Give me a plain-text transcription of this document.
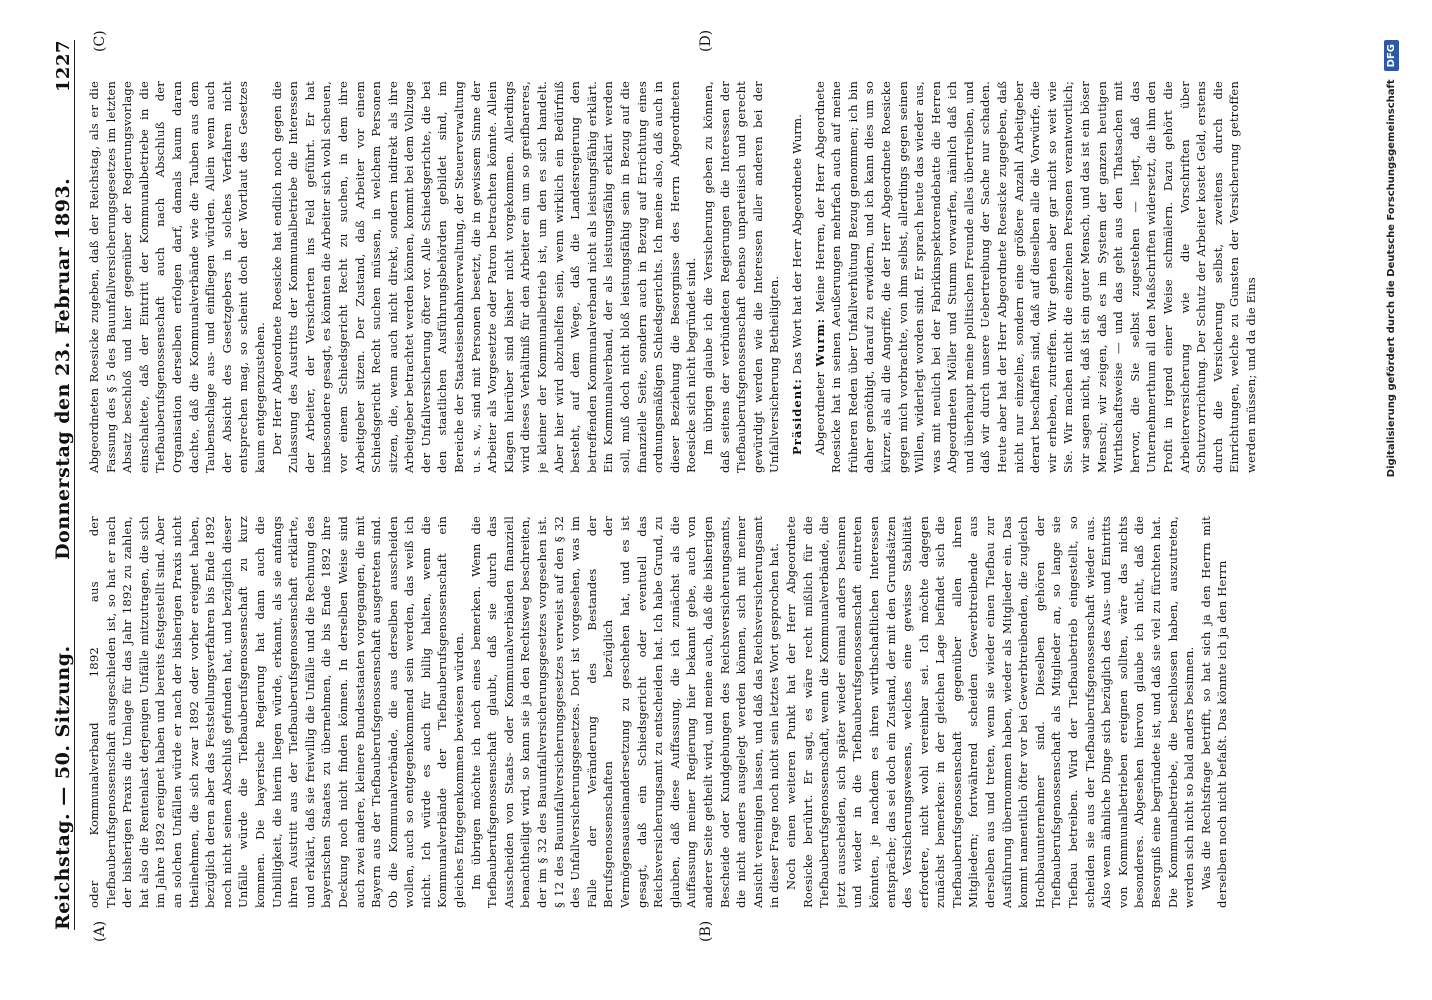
Reichstag. — 50. Sitzung.
Donnerstag den 23. Februar 1893.
1227
(A)	(B)
(C)	(D)

oder Kommunalverband 1892 aus der Tiefbauberufsgenossenschaft ausgeschieden ist, so hat er nach der bisherigen Praxis die Umlage für das Jahr 1892 zu zahlen, hat also die Rentenlast derjenigen Unfälle mitzutragen, die sich im Jahre 1892 ereignet haben und bereits festgestellt sind. Aber an solchen Unfällen würde er nach der bisherigen Praxis nicht theilnehmen, die sich zwar 1892 oder vorher ereignet haben, bezüglich deren aber das Feststellungsverfahren bis Ende 1892 noch nicht seinen Abschluß gefunden hat, und bezüglich dieser Unfälle würde die Tiefbauberufsgenossenschaft zu kurz kommen. Die bayerische Regierung hat dann auch die Unbilligkeit, die hierin liegen würde, erkannt, als sie anfangs ihren Austritt aus der Tiefbauberufsgenossenschaft erklärte, und erklärt, daß sie freiwillig die Unfälle und die Rechnung des bayerischen Staates zu übernehmen, die bis Ende 1892 ihre Deckung noch nicht finden können. In derselben Weise sind auch zwei andere, kleinere Bundesstaaten vorgegangen, die mit Bayern aus der Tiefbauberufsgenossenschaft ausgetreten sind. Ob die Kommunalverbände, die aus derselben ausscheiden wollen, auch so entgegenkommend sein werden, das weiß ich nicht. Ich würde es auch für billig halten, wenn die Kommunalverbände der Tiefbauberufsgenossenschaft ein gleiches Entgegenkommen bewiesen würden. Im übrigen möchte ich noch eines bemerken. Wenn die Tiefbauberufsgenossenschaft glaubt, daß sie durch das Ausscheiden von Staats- oder Kommunalverbänden finanziell benachtheiligt wird, so kann sie ja den Rechtsweg beschreiten, der im § 32 des Bauunfallversicherungsgesetzes vorgesehen ist. § 12 des Bauunfallversicherungsgesetzes verweist auf den § 32 des Unfallversicherungsgesetzes. Dort ist vorgesehen, was im Falle der Veränderung des Bestandes der Berufsgenossenschaften bezüglich der Vermögensauseinandersetzung zu geschehen hat, und es ist gesagt, daß ein Schiedsgericht oder eventuell das Reichsversicherungsamt zu entscheiden hat. Ich habe Grund, zu glauben, daß diese Auffassung, die ich zunächst als die Auffassung meiner Regierung hier bekannt gebe, auch von anderer Seite getheilt wird, und meine auch, daß die bisherigen Bescheide oder Kundgebungen des Reichsversicherungsamts, die nicht anders ausgelegt werden können, sich mit meiner Ansicht vereinigen lassen, und daß das Reichsversicherungsamt in dieser Frage noch nicht sein letztes Wort gesprochen hat. Noch einen weiteren Punkt hat der Herr Abgeordnete Roesicke berührt. Er sagt, es wäre recht mißlich für die Tiefbauberufsgenossenschaft, wenn die Kommunalverbände, die jetzt ausscheiden, sich später wieder einmal anders besinnen und wieder in die Tiefbauberufsgenossenschaft eintreten könnten, je nachdem es ihren wirthschaftlichen Interessen entspräche; das sei doch ein Zustand, der mit den Grundsätzen des Versicherungswesens, welches eine gewisse Stabilität erfordere, nicht wohl vereinbar sei. Ich möchte dagegen zunächst bemerken: in der gleichen Lage befindet sich die Tiefbauberufsgenossenschaft gegenüber allen ihren Mitgliedern; fortwährend scheiden Gewerbtreibende aus derselben aus und treten, wenn sie wieder einen Tiefbau zur Ausführung übernommen haben, wieder als Mitglieder ein. Das kommt namentlich öfter vor bei Gewerbtreibenden, die zugleich Hochbauunternehmer sind. Dieselben gehören der Tiefbauberufsgenossenschaft als Mitglieder an, so lange sie Tiefbau betreiben. Wird der Tiefbaubetrieb eingestellt, so scheiden sie aus der Tiefbauberufsgenossenschaft wieder aus. Also wenn ähnliche Dinge sich bezüglich des Aus- und Eintritts von Kommunalbetrieben ereignen sollten, wäre das nichts besonderes. Abgesehen hiervon glaube ich nicht, daß die Besorgniß eine begründete ist, und daß sie viel zu fürchten hat. Die Kommunalbetriebe, die beschlossen haben, auszutreten, werden sich nicht so bald anders besinnen. Was die Rechtsfrage betrifft, so hat sich ja den Herrn mit derselben noch nicht befaßt. Das könnte ich ja den Herrn

Abgeordneten Roesicke zugeben, daß der Reichstag, als er die Fassung des § 5 des Bauunfallversicherungsgesetzes im letzten Absatz beschloß und hier gegenüber der Regierungsvorlage einschaltete, daß der Eintritt der Kommunalbetriebe in die Tiefbauberufsgenossenschaft auch nach Abschluß der Organisation derselben erfolgen darf, damals kaum daran dachte, daß die Kommunalverbände wie die Tauben aus dem Taubenschlage aus- und einfliegen würden. Allein wenn auch der Absicht des Gesetzgebers in solches Verfahren nicht entsprechen mag, so scheint doch der Wortlaut des Gesetzes kaum entgegenzustehen. Der Herr Abgeordnete Roesicke hat endlich noch gegen die Zulassung des Austritts der Kommunalbetriebe die Interessen der Arbeiter, der Versicherten ins Feld geführt. Er hat insbesondere gesagt, es könnten die Arbeiter sich wohl scheuen, vor einem Schiedsgericht Recht zu suchen, in dem ihre Arbeitgeber sitzen. Der Zustand, daß Arbeiter vor einem Schiedsgericht Recht suchen müssen, in welchem Personen sitzen, die, wenn auch nicht direkt, sondern indirekt als ihre Arbeitgeber betrachtet werden können, kommt bei dem Vollzuge der Unfallversicherung öfter vor. Alle Schiedsgerichte, die bei den staatlichen Ausführungsbehörden gebildet sind, im Bereiche der Staatseisenbahnverwaltung, der Steuerverwaltung u. s. w., sind mit Personen besetzt, die in gewissem Sinne der Arbeiter als Vorgesetzte oder Patron betrachten könnte. Allein Klagen hierüber sind bisher nicht vorgekommen. Allerdings wird dieses Verhältniß für den Arbeiter ein um so greifbareres, je kleiner der Kommunalbetrieb ist, um den es sich handelt. Aber hier wird abzuhelfen sein, wenn wirklich ein Bedürfniß besteht, auf dem Wege, daß die Landesregierung den betreffenden Kommunalverband nicht als leistungsfähig erklärt. Ein Kommunalverband, der als leistungsfähig erklärt werden soll, muß doch nicht bloß leistungsfähig sein in Bezug auf die finanzielle Seite, sondern auch in Bezug auf Errichtung eines ordnungsmäßigen Schiedsgerichts. Ich meine also, daß auch in dieser Beziehung die Besorgnisse des Herrn Abgeordneten Roesicke sich nicht begründet sind. Im übrigen glaube ich die Versicherung geben zu können, daß seitens der verbündeten Regierungen die Interessen der Tiefbauberufsgenossenschaft ebenso unparteiisch und gerecht gewürdigt werden wie die Interessen aller anderen bei der Unfallversicherung Betheiligten. Präsident: Das Wort hat der Herr Abgeordnete Wurm.

Abgeordneter Wurm: Meine Herren, der Herr Abgeordnete Roesicke hat in seinen Aeußerungen mehrfach auch auf meine früheren Reden über Unfallverhütung Bezug genommen; ich bin daher genöthigt, darauf zu erwidern, und ich kann dies um so kürzer, als all die Angriffe, die der Herr Abgeordnete Roesicke gegen mich vorbrachte, von ihm selbst, allerdings gegen seinen Willen, widerlegt worden sind. Er sprach heute das wieder aus, was mit neulich bei der Fabrikinspektorendebatte die Herren Abgeordneten Möller und Stumm vorwarfen, nämlich daß ich und überhaupt meine politischen Freunde alles übertreiben, und daß wir durch unsere Uebertreibung der Sache nur schaden. Heute aber hat der Herr Abgeordnete Roesicke zugegeben, daß nicht nur einzelne, sondern eine größere Anzahl Arbeitgeber derart beschaffen sind, daß auf dieselben alle die Vorwürfe, die wir erheben, zutreffen. Wir gehen aber gar nicht so weit wie Sie. Wir machen nicht die einzelnen Personen verantwortlich; wir sagen nicht, daß ist ein guter Mensch, und das ist ein böser Mensch; wir zeigen, daß es im System der ganzen heutigen Wirthschaftsweise — und das geht aus den Thatsachen mit hervor, die Sie selbst zugestehen — liegt, daß das Unternehmerthum all den Maßschriften widersetzt, die ihm den Profit in irgend einer Weise schmälern. Dazu gehört die Arbeiterversicherung wie die Vorschriften über Schutzvorrichtung. Der Schutz der Arbeiter kostet Geld, erstens durch die Versicherung selbst, zweitens durch die Einrichtungen, welche zu Gunsten der Versicherung getroffen werden müssen; und da die Eins	Digitalisierung gefördert durch die Deutsche Forschungsgemeinschaft
DFG
